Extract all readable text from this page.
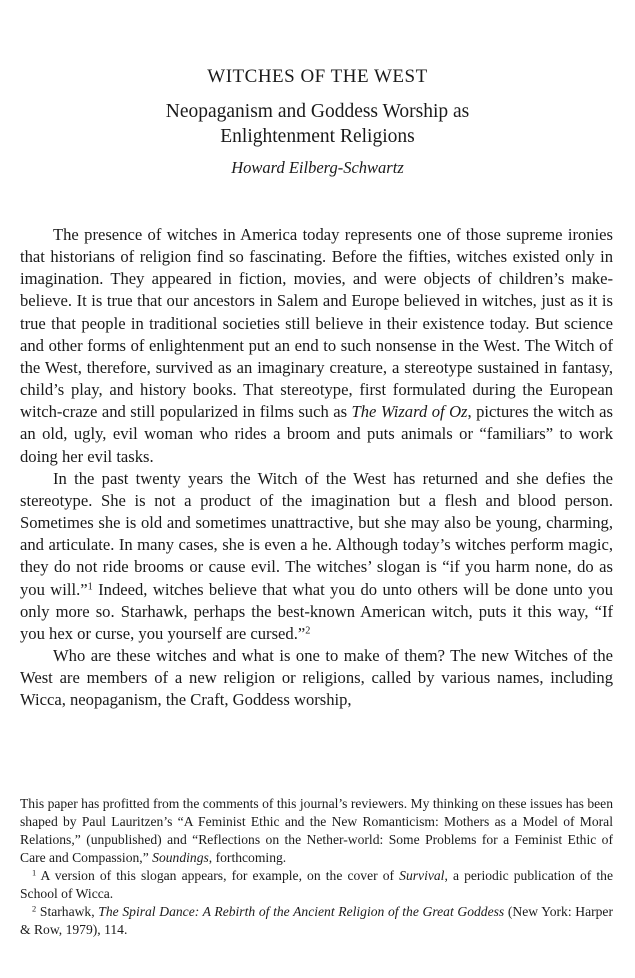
WITCHES OF THE WEST
Neopaganism and Goddess Worship as Enlightenment Religions
Howard Eilberg-Schwartz

The presence of witches in America today represents one of those supreme ironies that historians of religion find so fascinating. Before the fifties, witches existed only in imagination. They appeared in fiction, movies, and were objects of children’s make-believe. It is true that our ancestors in Salem and Europe believed in witches, just as it is true that people in traditional societies still believe in their existence today. But science and other forms of enlightenment put an end to such nonsense in the West. The Witch of the West, therefore, survived as an imaginary creature, a stereotype sustained in fantasy, child’s play, and history books. That stereotype, first formulated during the European witch-craze and still popularized in films such as The Wizard of Oz, pictures the witch as an old, ugly, evil woman who rides a broom and puts animals or “familiars” to work doing her evil tasks.

In the past twenty years the Witch of the West has returned and she defies the stereotype. She is not a product of the imagination but a flesh and blood person. Sometimes she is old and sometimes unattractive, but she may also be young, charming, and articulate. In many cases, she is even a he. Although today’s witches perform magic, they do not ride brooms or cause evil. The witches’ slogan is “if you harm none, do as you will.”$^1$ Indeed, witches believe that what you do unto others will be done unto you only more so. Starhawk, perhaps the best-known American witch, puts it this way, “If you hex or curse, you yourself are cursed.”$^2$

Who are these witches and what is one to make of them? The new Witches of the West are members of a new religion or religions, called by various names, including Wicca, neopaganism, the Craft, Goddess worship,

This paper has profitted from the comments of this journal’s reviewers. My thinking on these issues has been shaped by Paul Lauritzen’s “A Feminist Ethic and the New Romanticism: Mothers as a Model of Moral Relations,” (unpublished) and “Reflections on the Nether-world: Some Problems for a Feminist Ethic of Care and Compassion,” Soundings, forthcoming.

$^1$ A version of this slogan appears, for example, on the cover of Survival, a periodic publication of the School of Wicca.

$^2$ Starhawk, The Spiral Dance: A Rebirth of the Ancient Religion of the Great Goddess (New York: Harper & Row, 1979), 114.
